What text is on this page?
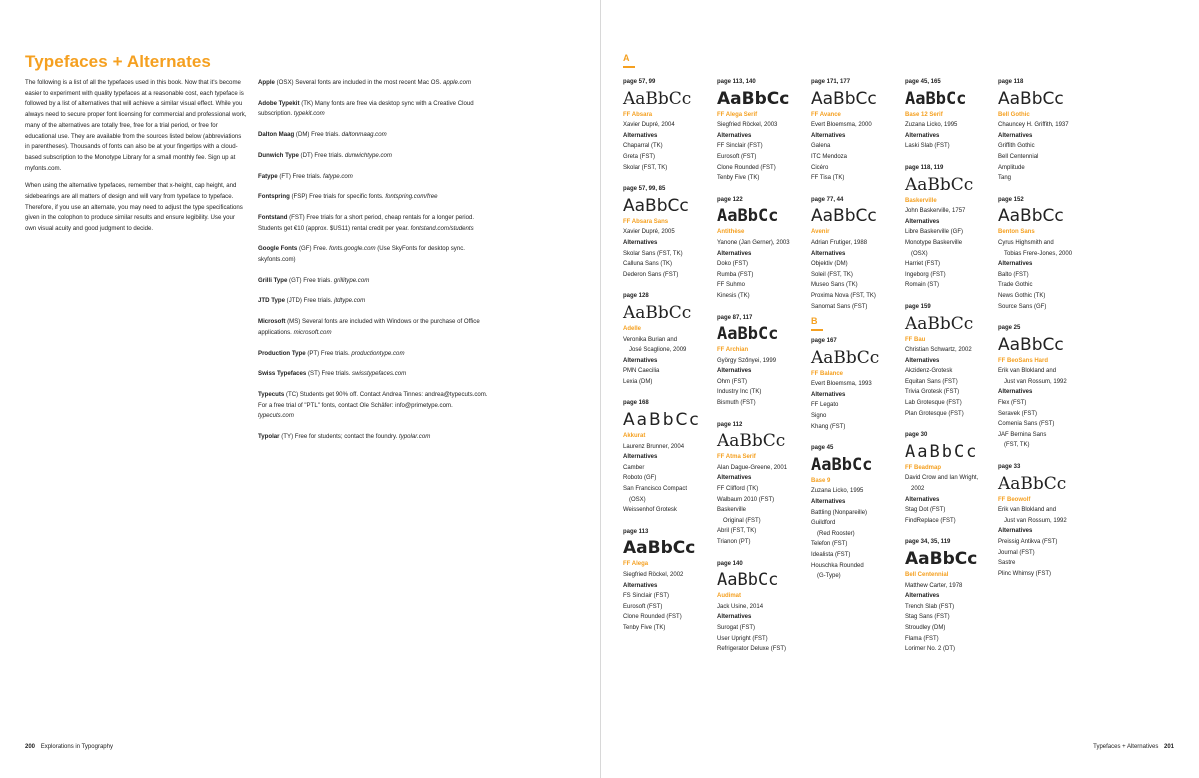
Typefaces + Alternates

The following is a list of all the typefaces used in this book. Now that it's become easier to experiment with quality typefaces at a reasonable cost, each typeface is followed by a list of alternatives that will achieve a similar visual effect. While you always need to secure proper font licensing for commercial and professional work, many of the alternatives are totally free, free for a trial period, or free for educational use. They are available from the sources listed below (abbreviations in parentheses). Thousands of fonts can also be at your fingertips with a cloud-based subscription to the Monotype Library for a small monthly fee. Sign up at myfonts.com.

When using the alternative typefaces, remember that x-height, cap height, and sidebearings are all matters of design and will vary from typeface to typeface. Therefore, if you use an alternate, you may need to adjust the type specifications given in the colophon to produce similar results and ensure legibility. Use your own visual acuity and good judgment to decide.

Apple (OSX) Several fonts are included in the most recent Mac OS. apple.com

Adobe Typekit (TK) Many fonts are free via desktop sync with a Creative Cloud subscription. typekit.com

Dalton Maag (DM) Free trials. daltonmaag.com

Dunwich Type (DT) Free trials. dunwichtype.com

Fatype (FT) Free trials. fatype.com

Fontspring (FSP) Free trials for specific fonts. fontspring.com/free

Fontstand (FST) Free trials for a short period, cheap rentals for a longer period. Students get €10 (approx. $US11) rental credit per year. fontstand.com/students

Google Fonts (GF) Free. fonts.google.com (Use SkyFonts for desktop sync. skyfonts.com)

Grilli Type (GT) Free trials. grillitype.com

JTD Type (JTD) Free trials. jtdtype.com

Microsoft (MS) Several fonts are included with Windows or the purchase of Office applications. microsoft.com

Production Type (PT) Free trials. productiontype.com

Swiss Typefaces (ST) Free trials. swisstypefaces.com

Typecuts (TC) Students get 90% off. Contact Andrea Tinnes: andrea@typecuts.com. For a free trial of "PTL" fonts, contact Ole Schäfer: info@primetype.com. typecuts.com

Typolar (TY) Free for students; contact the foundry. typolar.com

200 Explorations in Typography
A
B
page 57, 99
AaBbCc
FF Absara
Xavier Dupré, 2004
Alternatives
Chaparral (TK)
Greta (FST)
Skolar (FST, TK)
page 57, 99, 85
AaBbCc
FF Absara Sans
Xavier Dupré, 2005
Alternatives
Skolar Sans (FST, TK)
Calluna Sans (TK)
Dederon Sans (FST)
page 128
AaBbCc
Adelle
Veronika Burian and
José Scaglione, 2009
Alternatives
PMN Caecilia
Lexia (DM)
page 168
AaBbCc
Akkurat
Laurenz Brunner, 2004
Alternatives
Camber
Roboto (GF)
San Francisco Compact
(OSX)
Weissenhof Grotesk
page 113
AaBbCc
FF Alega
Siegfried Röckel, 2002
Alternatives
FS Sinclair (FST)
Eurosoft (FST)
Clone Rounded (FST)
Tenby Five (TK)
page 113, 140
AaBbCc
FF Alega Serif
Siegfried Röckel, 2003
Alternatives
FF Sinclair (FST)
Eurosoft (FST)
Clone Rounded (FST)
Tenby Five (TK)
page 122
AaBbCc
Antithèse
Yanone (Jan Gerner), 2003
Alternatives
Doko (FST)
Rumba (FST)
FF Suhmo
Kinesis (TK)
page 87, 117
AaBbCc
FF Archian
György Szőnyei, 1999
Alternatives
Ohm (FST)
Industry Inc (TK)
Bismuth (FST)
page 112
AaBbCc
FF Atma Serif
Alan Dague-Greene, 2001
Alternatives
FF Clifford (TK)
Walbaum 2010 (FST)
Baskerville
Original (FST)
Abril (FST, TK)
Trianon (PT)
page 140
AaBbCc
Audimat
Jack Usine, 2014
Alternatives
Surogat (FST)
User Upright (FST)
Refrigerator Deluxe (FST)
page 171, 177
AaBbCc
FF Avance
Evert Bloemsma, 2000
Alternatives
Galena
ITC Mendoza
Cicéro
FF Tisa (TK)
page 77, 44
AaBbCc
Avenir
Adrian Frutiger, 1988
Alternatives
Objektiv (DM)
Soleil (FST, TK)
Museo Sans (TK)
Proxima Nova (FST, TK)
Sanomat Sans (FST)
page 167
AaBbCc
FF Balance
Evert Bloemsma, 1993
Alternatives
FF Legato
Signo
Khang (FST)
page 45
AaBbCc
Base 9
Zuzana Licko, 1995
Alternatives
Battling (Nonpareille)
Guildford
(Red Rooster)
Telefon (FST)
Idealista (FST)
Houschka Rounded
(G-Type)
page 45, 165
AaBbCc
Base 12 Serif
Zuzana Licko, 1995
Alternatives
Laski Slab (FST)
page 118, 119
AaBbCc
Baskerville
John Baskerville, 1757
Alternatives
Libre Baskerville (GF)
Monotype Baskerville
(OSX)
Harriet (FST)
Ingeborg (FST)
Romain (ST)
page 159
AaBbCc
FF Bau
Christian Schwartz, 2002
Alternatives
Akzidenz-Grotesk
Equitan Sans (FST)
Trivia Grotesk (FST)
Lab Grotesque (FST)
Plan Grotesque (FST)
page 30
AaBbCc
FF Beadmap
David Crow and Ian Wright,
2002
Alternatives
Stag Dot (FST)
FindReplace (FST)
page 34, 35, 119
AaBbCc
Bell Centennial
Matthew Carter, 1978
Alternatives
Trench Slab (FST)
Stag Sans (FST)
Stroudley (DM)
Flama (FST)
Lorimer No. 2 (DT)
page 118
AaBbCc
Bell Gothic
Chauncey H. Griffith, 1937
Alternatives
Griffith Gothic
Bell Centennial
Amplitude
Tang
page 152
AaBbCc
Benton Sans
Cyrus Highsmith and
Tobias Frere-Jones, 2000
Alternatives
Balto (FST)
Trade Gothic
News Gothic (TK)
Source Sans (GF)
page 25
AaBbCc
FF BeoSans Hard
Erik van Blokland and
Just van Rossum, 1992
Alternatives
Flex (FST)
Seravek (FST)
Comenia Sans (FST)
JAF Bernina Sans
(FST, TK)
page 33
AaBbCc
FF Beowolf
Erik van Blokland and
Just van Rossum, 1992
Alternatives
Preissig Antikva (FST)
Journal (FST)
Sastre
Plinc Whimsy (FST)
Typefaces + Alternatives 201
